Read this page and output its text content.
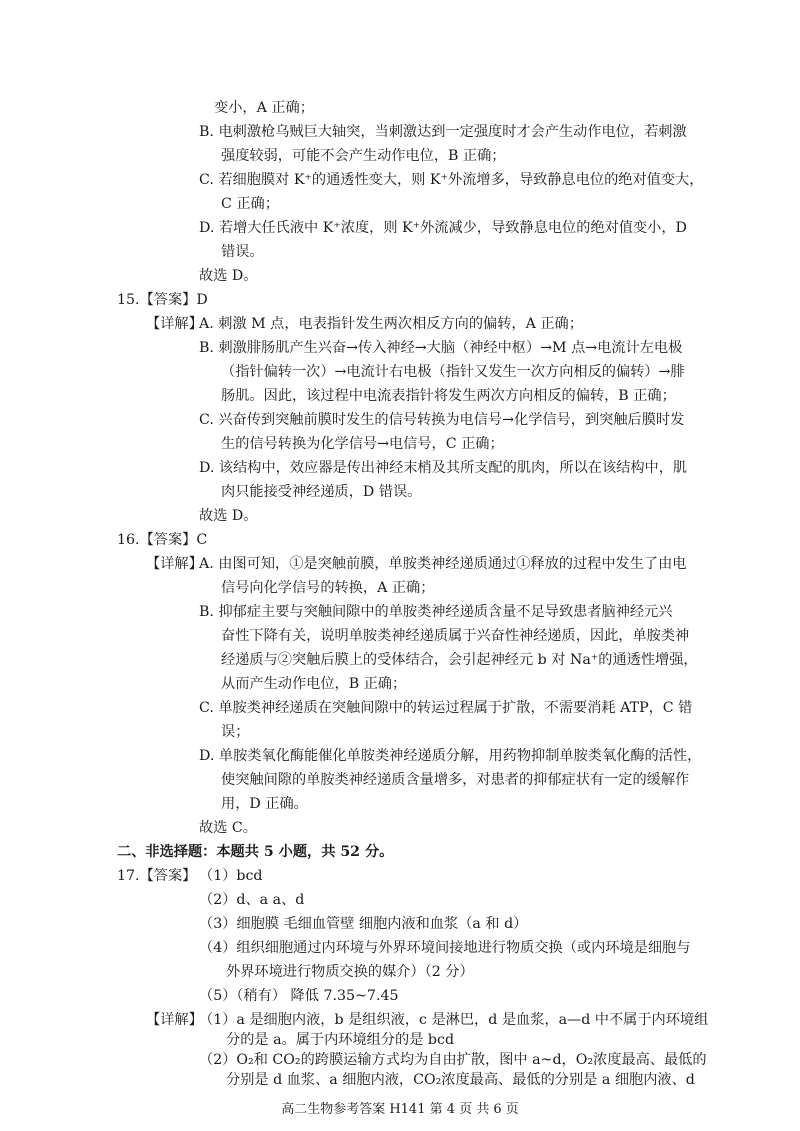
变小，A 正确；
B. 电刺激枪乌贼巨大轴突，当刺激达到一定强度时才会产生动作电位，若刺激
强度较弱，可能不会产生动作电位，B 正确；
C. 若细胞膜对 K⁺的通透性变大，则 K⁺外流增多，导致静息电位的绝对值变大，
C 正确；
D. 若增大任氏液中 K⁺浓度，则 K⁺外流减少，导致静息电位的绝对值变小，D
错误。
故选 D。
15.【答案】D
【详解】
A. 刺激 M 点，电表指针发生两次相反方向的偏转，A 正确；
B. 刺激腓肠肌产生兴奋→传入神经→大脑（神经中枢）→M 点→电流计左电极
（指针偏转一次）→电流计右电极（指针又发生一次方向相反的偏转）→腓
肠肌。因此，该过程中电流表指针将发生两次方向相反的偏转，B 正确；
C. 兴奋传到突触前膜时发生的信号转换为电信号→化学信号，到突触后膜时发
生的信号转换为化学信号→电信号，C 正确；
D. 该结构中，效应器是传出神经末梢及其所支配的肌肉，所以在该结构中，肌
肉只能接受神经递质，D 错误。
故选 D。
16.【答案】C
【详解】
A. 由图可知，①是突触前膜，单胺类神经递质通过①释放的过程中发生了由电
信号向化学信号的转换，A 正确；
B. 抑郁症主要与突触间隙中的单胺类神经递质含量不足导致患者脑神经元兴
奋性下降有关，说明单胺类神经递质属于兴奋性神经递质，因此，单胺类神
经递质与②突触后膜上的受体结合，会引起神经元 b 对 Na⁺的通透性增强，
从而产生动作电位，B 正确；
C. 单胺类神经递质在突触间隙中的转运过程属于扩散，不需要消耗 ATP，C 错
误；
D. 单胺类氧化酶能催化单胺类神经递质分解，用药物抑制单胺类氧化酶的活性，
使突触间隙的单胺类神经递质含量增多，对患者的抑郁症状有一定的缓解作
用，D 正确。
故选 C。
二、非选择题：本题共 5 小题，共 52 分。
17.【答案】 （1）bcd
（2）d、a a、d
（3）细胞膜 毛细血管壁 细胞内液和血浆（a 和 d）
（4）组织细胞通过内环境与外界环境间接地进行物质交换（或内环境是细胞与
外界环境进行物质交换的媒介）（2 分）
（5）（稍有） 降低 7.35~7.45
【详解】
（1）a 是细胞内液，b 是组织液，c 是淋巴，d 是血浆，a—d 中不属于内环境组
高二生物参考答案 H141 第 4 页 共 6 页
分的是 a。属于内环境组分的是 bcd
（2）O₂和 CO₂的跨膜运输方式均为自由扩散，图中 a~d，O₂浓度最高、最低的
分别是 d 血浆、a 细胞内液，CO₂浓度最高、最低的分别是 a 细胞内液、d
